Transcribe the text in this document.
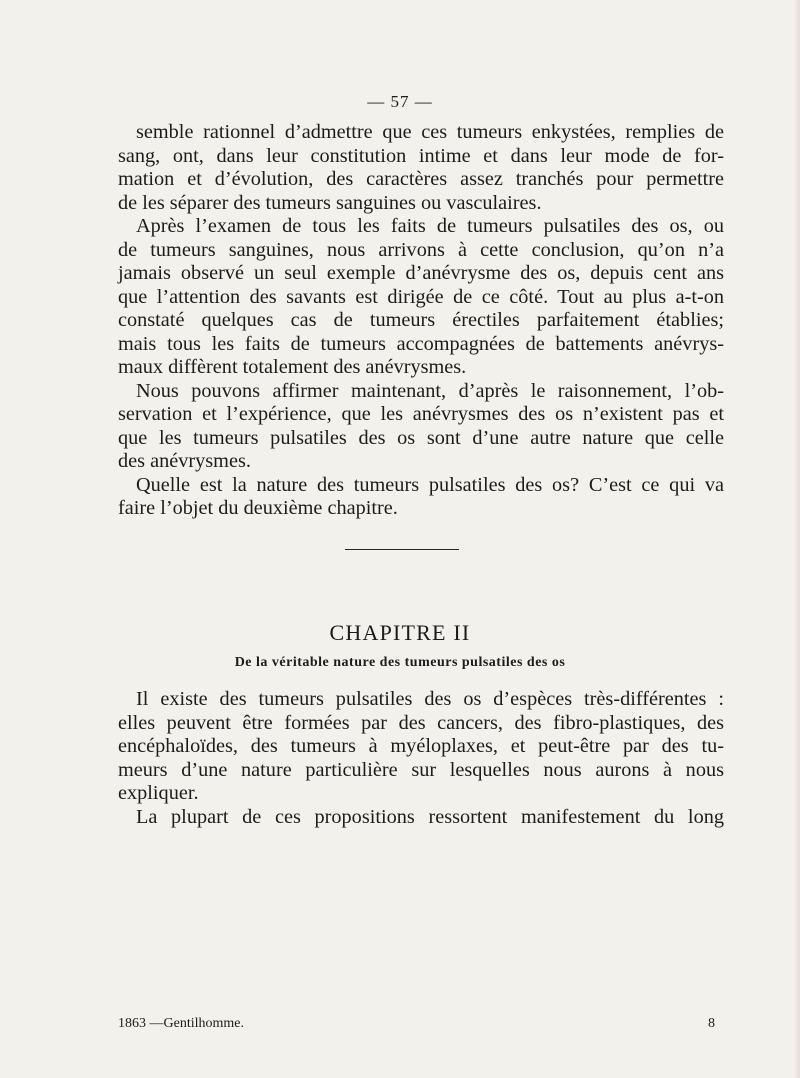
— 57 —

semble rationnel d’admettre que ces tumeurs enkystées, remplies de
sang, ont, dans leur constitution intime et dans leur mode de for-
mation et d’évolution, des caractères assez tranchés pour permettre
de les séparer des tumeurs sanguines ou vasculaires.

Après l’examen de tous les faits de tumeurs pulsatiles des os, ou
de tumeurs sanguines, nous arrivons à cette conclusion, qu’on n’a
jamais observé un seul exemple d’anévrysme des os, depuis cent ans
que l’attention des savants est dirigée de ce côté. Tout au plus a-t-on
constaté quelques cas de tumeurs érectiles parfaitement établies;
mais tous les faits de tumeurs accompagnées de battements anévrys-
maux diffèrent totalement des anévrysmes.

Nous pouvons affirmer maintenant, d’après le raisonnement, l’ob-
servation et l’expérience, que les anévrysmes des os n’existent pas et
que les tumeurs pulsatiles des os sont d’une autre nature que celle
des anévrysmes.

Quelle est la nature des tumeurs pulsatiles des os? C’est ce qui va
faire l’objet du deuxième chapitre.

CHAPITRE II
De la véritable nature des tumeurs pulsatiles des os

Il existe des tumeurs pulsatiles des os d’espèces très-différentes :
elles peuvent être formées par des cancers, des fibro-plastiques, des
encéphaloïdes, des tumeurs à myéloplaxes, et peut-être par des tu-
meurs d’une nature particulière sur lesquelles nous aurons à nous
expliquer.

La plupart de ces propositions ressortent manifestement du long

1863 —Gentilhomme.	8
